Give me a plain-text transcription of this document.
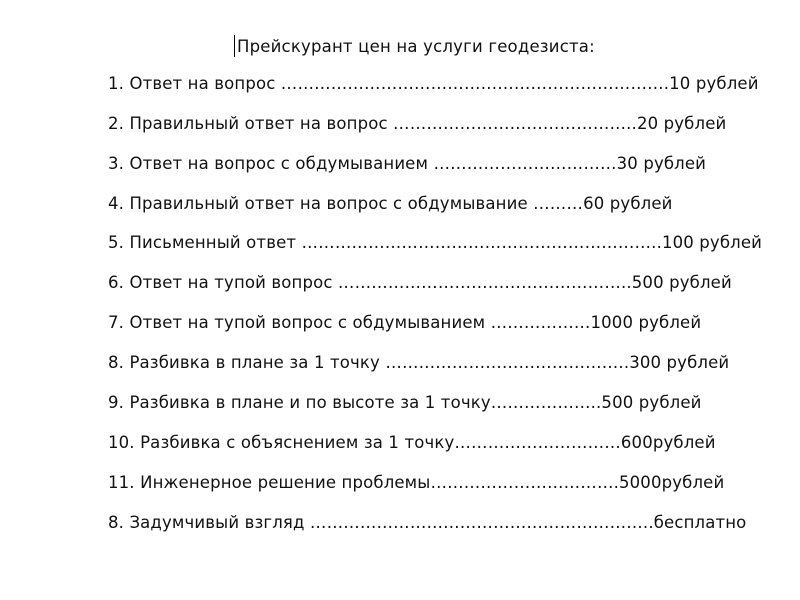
Прейскурант цен на услуги геодезиста:
1. Ответ на вопрос …………………………………………………………….10 рублей
2. Правильный ответ на вопрос ……………………………………..20 рублей
3. Ответ на вопрос с обдумыванием ……………………………30 рублей
4. Правильный ответ на вопрос с обдумывание ………60 рублей
5. Письменный ответ ………………………………………………………..100 рублей
6. Ответ на тупой вопрос ……………………………………………..500 рублей
7. Ответ на тупой вопрос с обдумыванием ………………1000 рублей
8. Разбивка в плане за 1 точку ……………………………………..300 рублей
9. Разбивка в плане и по высоте за 1 точку………………..500 рублей
10. Разбивка с объяснением за 1 точку…………………………600рублей
11. Инженерное решение проблемы…………………………….5000рублей
8. Задумчивый взгляд ……………………………………………………..бесплатно
